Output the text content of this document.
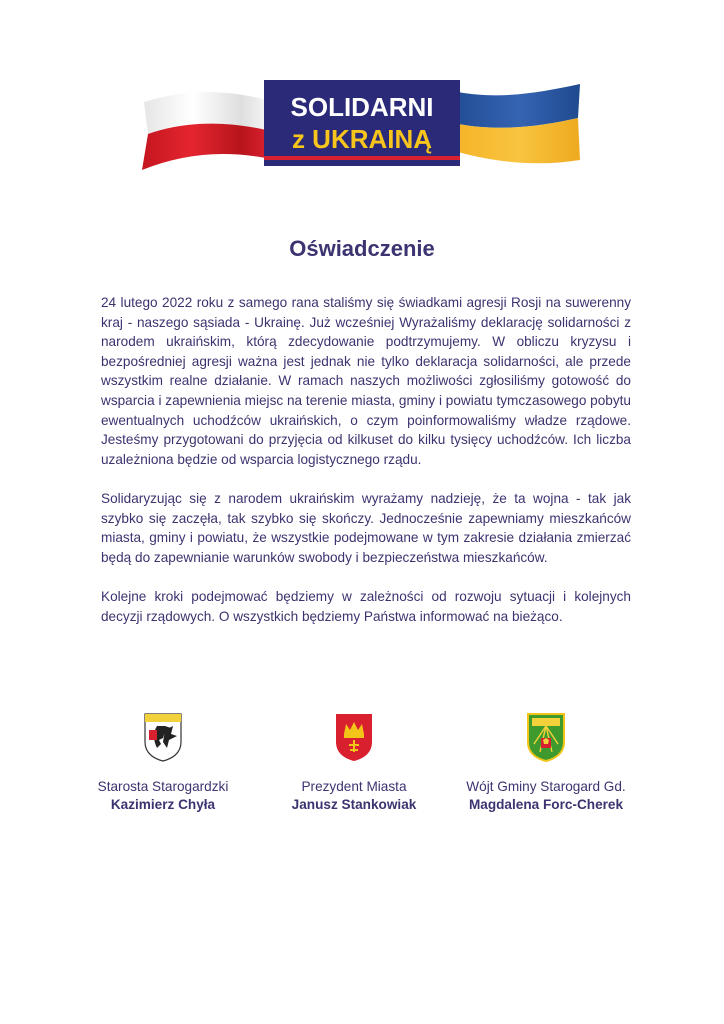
SOLIDARNI
z UKRAINĄ
Oświadczenie

24 lutego 2022 roku z samego rana staliśmy się świadkami agresji Rosji na suwerenny kraj - naszego sąsiada - Ukrainę. Już wcześniej Wyrażaliśmy deklarację solidarności z narodem ukraińskim, którą zdecydowanie podtrzymujemy. W obliczu kryzysu i bezpośredniej agresji ważna jest jednak nie tylko deklaracja solidarności, ale przede wszystkim realne działanie. W ramach naszych możliwości zgłosiliśmy gotowość do wsparcia i zapewnienia miejsc na terenie miasta, gminy i powiatu tymczasowego pobytu ewentualnych uchodźców ukraińskich, o czym poinformowaliśmy władze rządowe. Jesteśmy przygotowani do przyjęcia od kilkuset do kilku tysięcy uchodźców. Ich liczba uzależniona będzie od wsparcia logistycznego rządu.

Solidaryzując się z narodem ukraińskim wyrażamy nadzieję, że ta wojna - tak jak szybko się zaczęła, tak szybko się skończy. Jednocześnie zapewniamy mieszkańców miasta, gminy i powiatu, że wszystkie podejmowane w tym zakresie działania zmierzać będą do zapewnianie warunków swobody i bezpieczeństwa mieszkańców.

Kolejne kroki podejmować będziemy w zależności od rozwoju sytuacji i kolejnych decyzji rządowych. O wszystkich będziemy Państwa informować na bieżąco.

Starosta Starogardzki
Kazimierz Chyła
Prezydent Miasta
Janusz Stankowiak
Wójt Gminy Starogard Gd.
Magdalena Forc-Cherek
